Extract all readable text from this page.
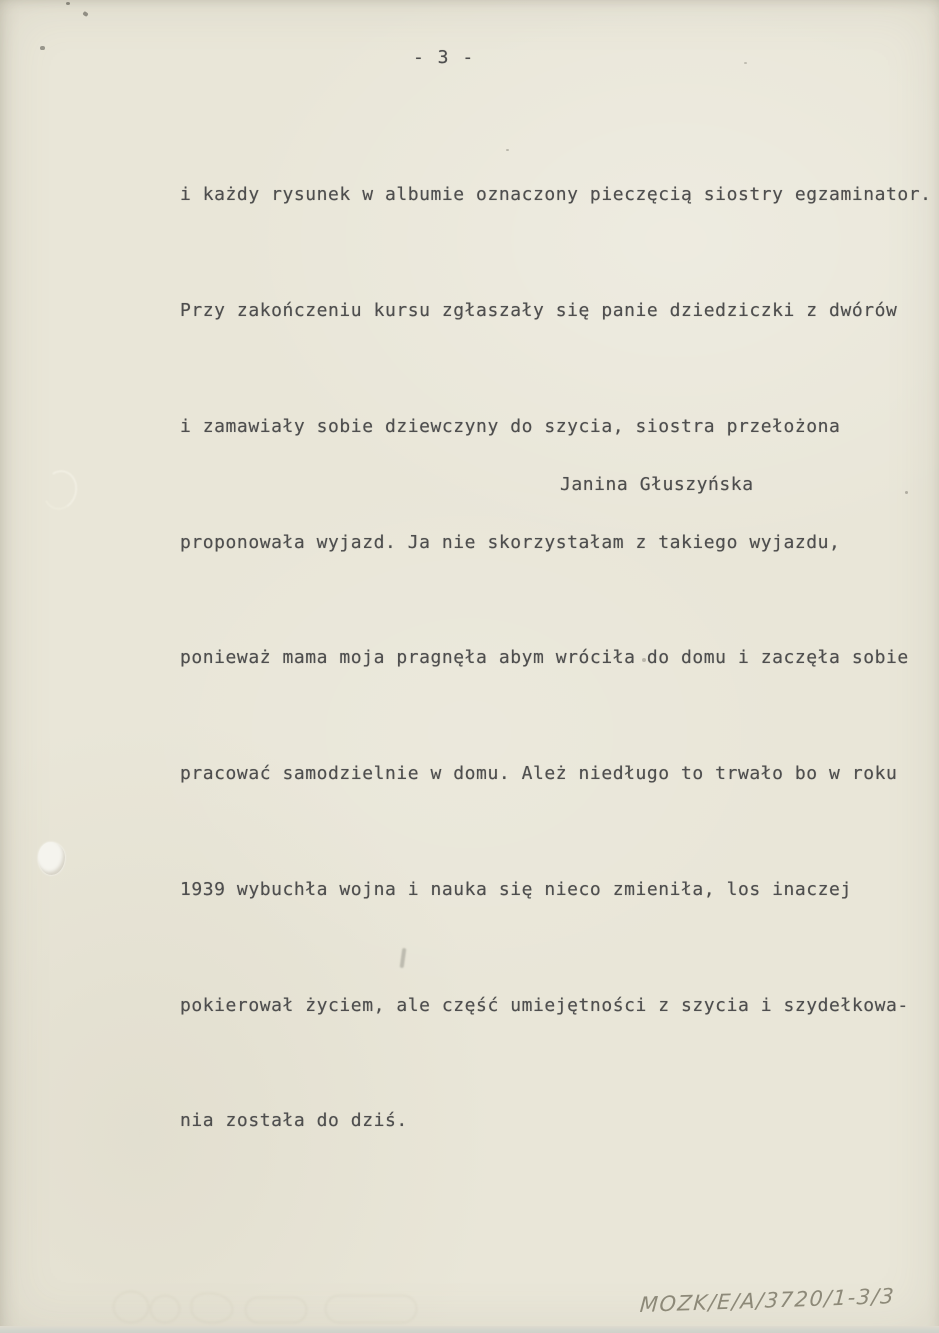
- 3 -

i każdy rysunek w albumie oznaczony pieczęcią siostry egzaminator.

Przy zakończeniu kursu zgłaszały się panie dziedziczki z dwórów

i zamawiały sobie dziewczyny do szycia, siostra przełożona

proponowała wyjazd. Ja nie skorzystałam z takiego wyjazdu,

ponieważ mama moja pragnęła abym wróciła do domu i zaczęła sobie

pracować samodzielnie w domu. Ależ niedługo to trwało bo w roku

1939 wybuchła wojna i nauka się nieco zmieniła, los inaczej

pokierował życiem, ale część umiejętności z szycia i szydełkowa-

nia została do dziś.

Janina Głuszyńska
MOZK/E/A/3720/1-3/3
